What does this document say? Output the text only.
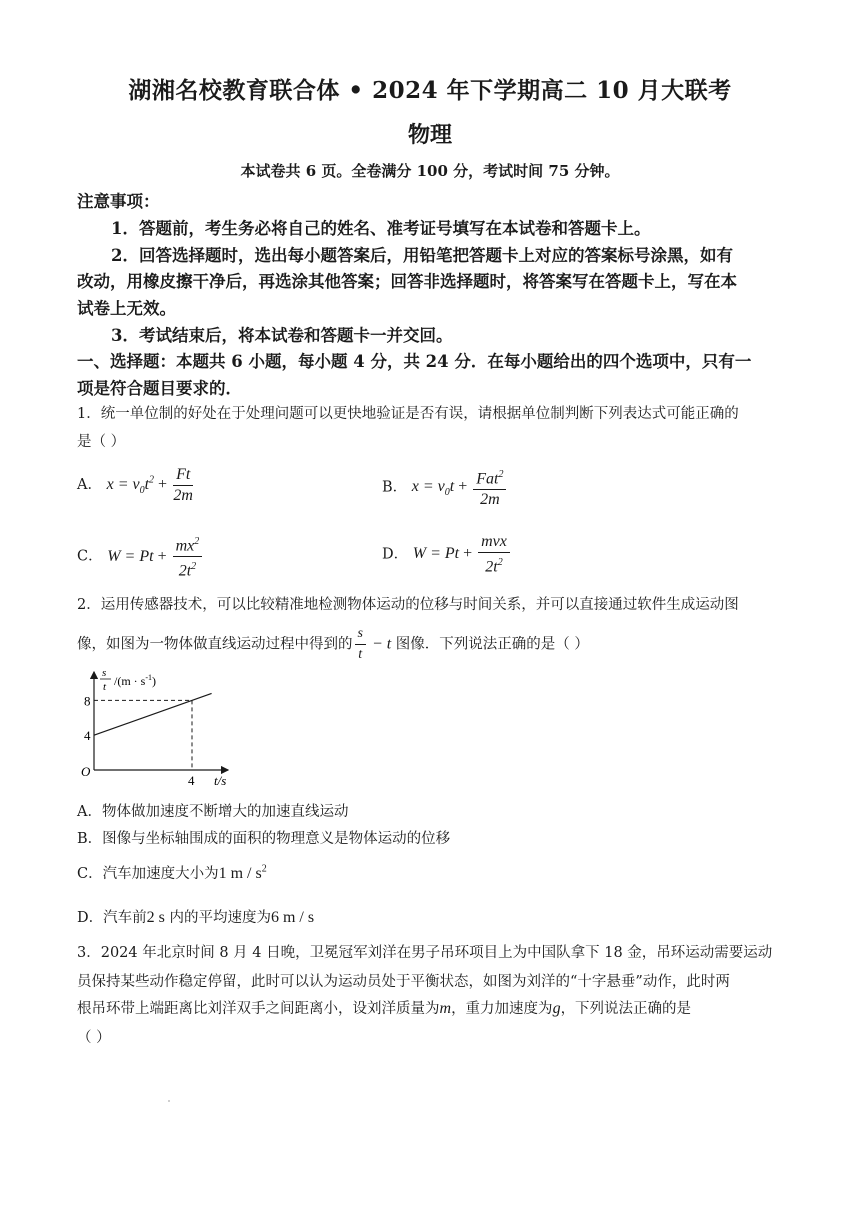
湖湘名校教育联合体 • 2024 年下学期高二 10 月大联考
物理
本试卷共 6 页。全卷满分 100 分，考试时间 75 分钟。
注意事项：
1．答题前，考生务必将自己的姓名、准考证号填写在本试卷和答题卡上。
2．回答选择题时，选出每小题答案后，用铅笔把答题卡上对应的答案标号涂黑，如有
改动，用橡皮擦干净后，再选涂其他答案；回答非选择题时，将答案写在答题卡上，写在本
试卷上无效。
3．考试结束后，将本试卷和答题卡一并交回。
一、选择题：本题共 6 小题，每小题 4 分，共 24 分．在每小题给出的四个选项中，只有一
项是符合题目要求的．
1．统一单位制的好处在于处理问题可以更快地验证是否有误，请根据单位制判断下列表达式可能正确的
是（ ）
A． $x = v_0t^2 + \frac{Ft}{2m}$	B． $x = v_0t + \frac{Fat^2}{2m}$
C． $W = Pt + \frac{mx^2}{2t^2}$	D． $W = Pt + \frac{\text{mvx}}{2t^2}$
2．运用传感器技术，可以比较精准地检测物体运动的位移与时间关系，并可以直接通过软件生成运动图
像，如图为一物体做直线运动过程中得到的 $\frac{s}{t} - t$ 图像．下列说法正确的是（ ）
8
4
4
O
t/s
s
t $/(m \cdot s^{-1})$
A．物体做加速度不断增大的加速直线运动
B．图像与坐标轴围成的面积的物理意义是物体运动的位移
C．汽车加速度大小为1 m / $s^2$
D．汽车前2 s 内的平均速度为6 m / s
3．2024 年北京时间 8 月 4 日晚，卫冕冠军刘洋在男子吊环项目上为中国队拿下 18 金，吊环运动需要运动
员保持某些动作稳定停留，此时可以认为运动员处于平衡状态，如图为刘洋的“十字悬垂”动作，此时两
根吊环带上端距离比刘洋双手之间距离小，设刘洋质量为m，重力加速度为g，下列说法正确的是
（ ）
